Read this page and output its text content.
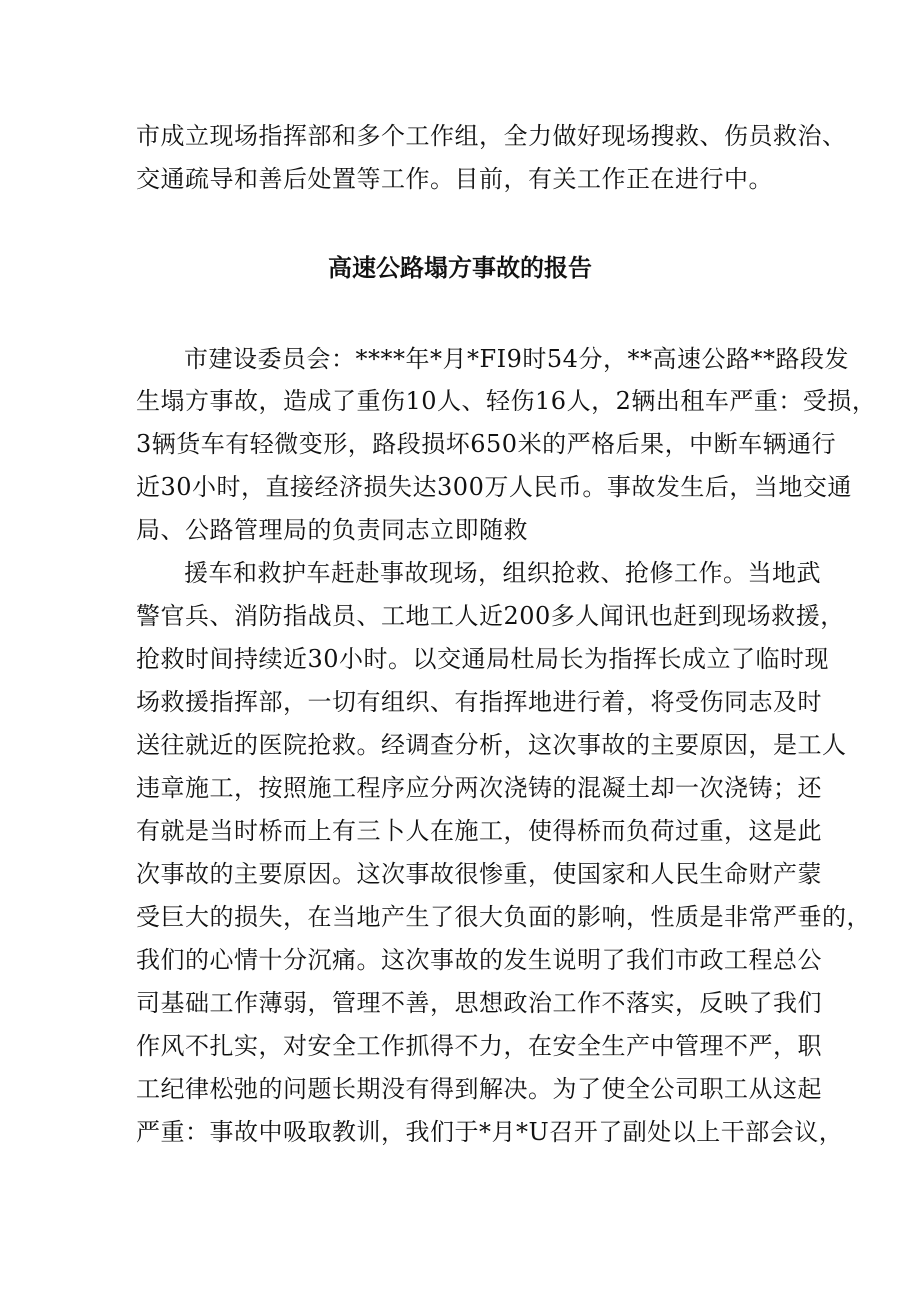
市成立现场指挥部和多个工作组，全力做好现场搜救、伤员救治、
交通疏导和善后处置等工作。目前，有关工作正在进行中。
高速公路塌方事故的报告
市建设委员会：****年*月*FI9时54分，**高速公路**路段发
生塌方事故，造成了重伤10人、轻伤16人，2辆出租车严重：受损，
3辆货车有轻微变形，路段损坏650米的严格后果，中断车辆通行
近30小时，直接经济损失达300万人民币。事故发生后，当地交通
局、公路管理局的负责同志立即随救
援车和救护车赶赴事故现场，组织抢救、抢修工作。当地武
警官兵、消防指战员、工地工人近200多人闻讯也赶到现场救援，
抢救时间持续近30小时。以交通局杜局长为指挥长成立了临时现
场救援指挥部，一切有组织、有指挥地进行着，将受伤同志及时
送往就近的医院抢救。经调查分析，这次事故的主要原因，是工人
违章施工，按照施工程序应分两次浇铸的混凝土却一次浇铸；还
有就是当时桥而上有三卜人在施工，使得桥而负荷过重，这是此
次事故的主要原因。这次事故很惨重，使国家和人民生命财产蒙
受巨大的损失，在当地产生了很大负面的影响，性质是非常严垂的，
我们的心情十分沉痛。这次事故的发生说明了我们市政工程总公
司基础工作薄弱，管理不善，思想政治工作不落实，反映了我们
作风不扎实，对安全工作抓得不力，在安全生产中管理不严，职
工纪律松弛的问题长期没有得到解决。为了使全公司职工从这起
严重：事故中吸取教训，我们于*月*U召开了副处以上干部会议，
